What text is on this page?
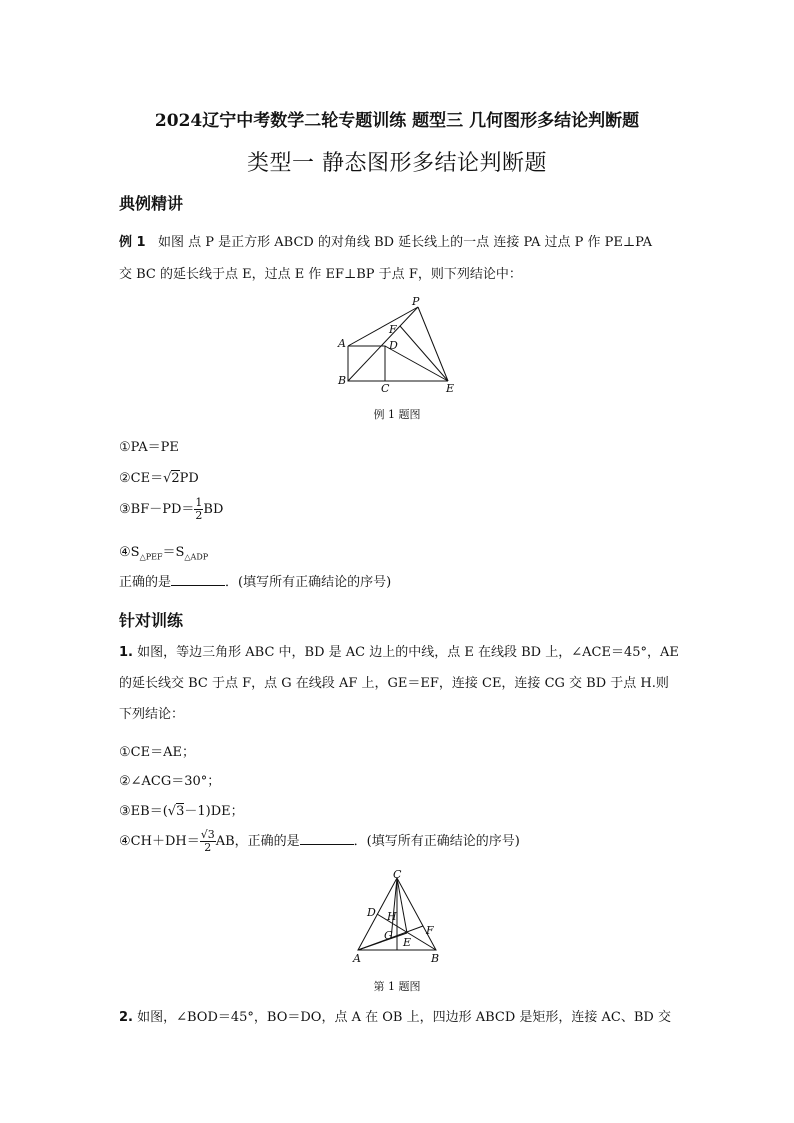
2024辽宁中考数学二轮专题训练 题型三 几何图形多结论判断题
类型一 静态图形多结论判断题
典例精讲
例 1 如图 点 P 是正方形 ABCD 的对角线 BD 延长线上的一点 连接 PA 过点 P 作 PE⊥PA
交 BC 的延长线于点 E，过点 E 作 EF⊥BP 于点 F，则下列结论中：
P
F
A	D
B
C	E
例 1 题图
①PA＝PE
②CE＝√2PD
③BF－PD＝ $\frac{1}{2}$ BD
$④S_{\triangle PEF}=S_{\triangle ADP}$
正确的是	．(填写所有正确结论的序号)
针对训练
1. 如图，等边三角形 ABC 中，BD 是 AC 边上的中线，点 E 在线段 BD 上，∠ACE＝45°，AE
的延长线交 BC 于点 F，点 G 在线段 AF 上，GE＝EF，连接 CE，连接 CG 交 BD 于点 H.则
下列结论：
①CE＝AE；
②∠ACG＝30°；
③EB＝(√3－1)DE；
④CH＋DH＝ $\frac{√3}{2}$ AB，正确的是	．(填写所有正确结论的序号)
C
D H
G
E
F
A	B
第 1 题图
2. 如图，∠BOD＝45°，BO＝DO，点 A 在 OB 上，四边形 ABCD 是矩形，连接 AC、BD 交
